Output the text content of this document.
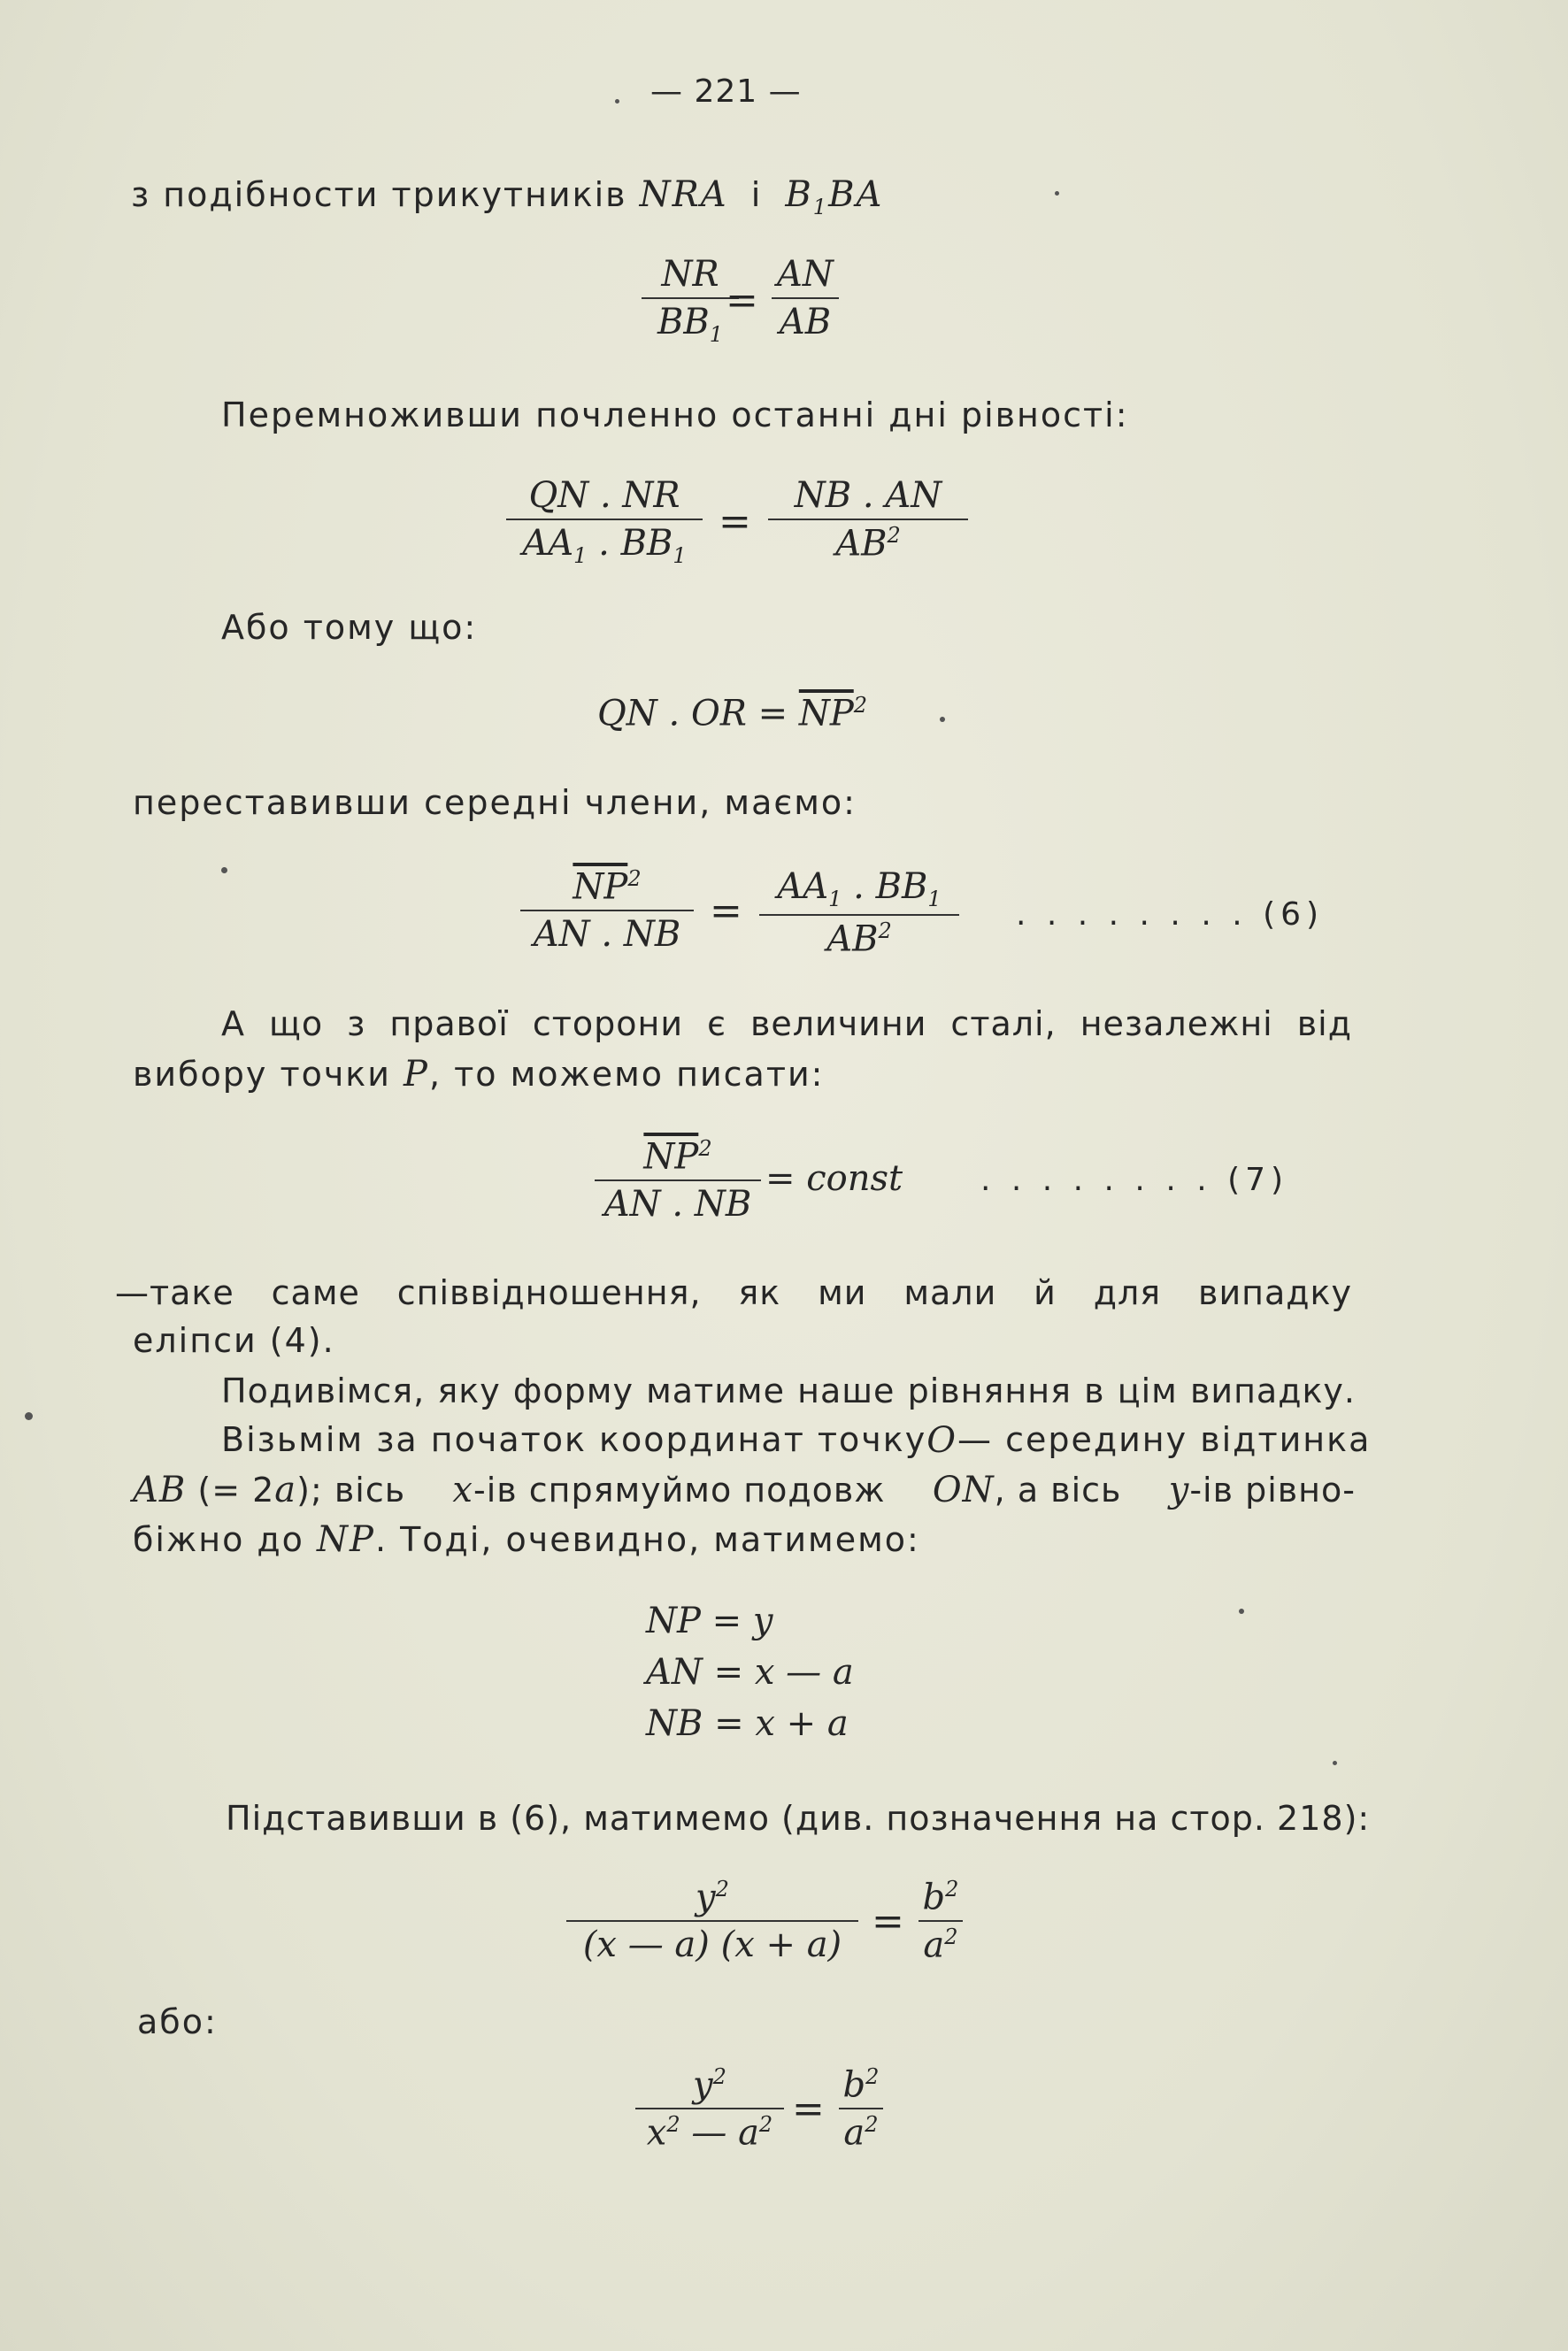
— 221 —
з подібности трикутників NRA і $B_1BA$
NR
$BB_1$
=
AN
AB
Перемноживши почленно останні дні рівності:
QN . NR
$AA_1$ . $BB_1$
=
NB . AN
$AB^2$
Або тому що:
QN . OR = $\overline{NP}^2$
переставивши середні члени, маємо:
$\overline{NP}^2$
AN . NB
=
$AA_1$ . $BB_1$
$AB^2$	. . . . . . . . (6)
А що з правої сторони є величини сталі, незалежні від
вибору точки P, то можемо писати:
$\overline{NP}^2$
AN . NB
= const . . . . . . . . (7)
—таке саме співвідношення, як ми мали й для випадку
еліпси (4).
Подивімся, яку форму матиме наше рівняння в цім випадку.
Візьмім за початок координат точку O — середину відтинка
AB (= 2a); вісь x-ів спрямуймо подовж ON, а вісь y-ів рівно-
біжно до NP. Тоді, очевидно, матимемо:
NP = y
AN = x — a
NB = x + a
Підставивши в (6), матимемо (див. позначення на стор. 218):
$y^2$
(x — a) (x + a)
=
$b^2$
$a^2$
або:
$y^2$
$x^2$ — $a^2$ =
$b^2$
$a^2$
